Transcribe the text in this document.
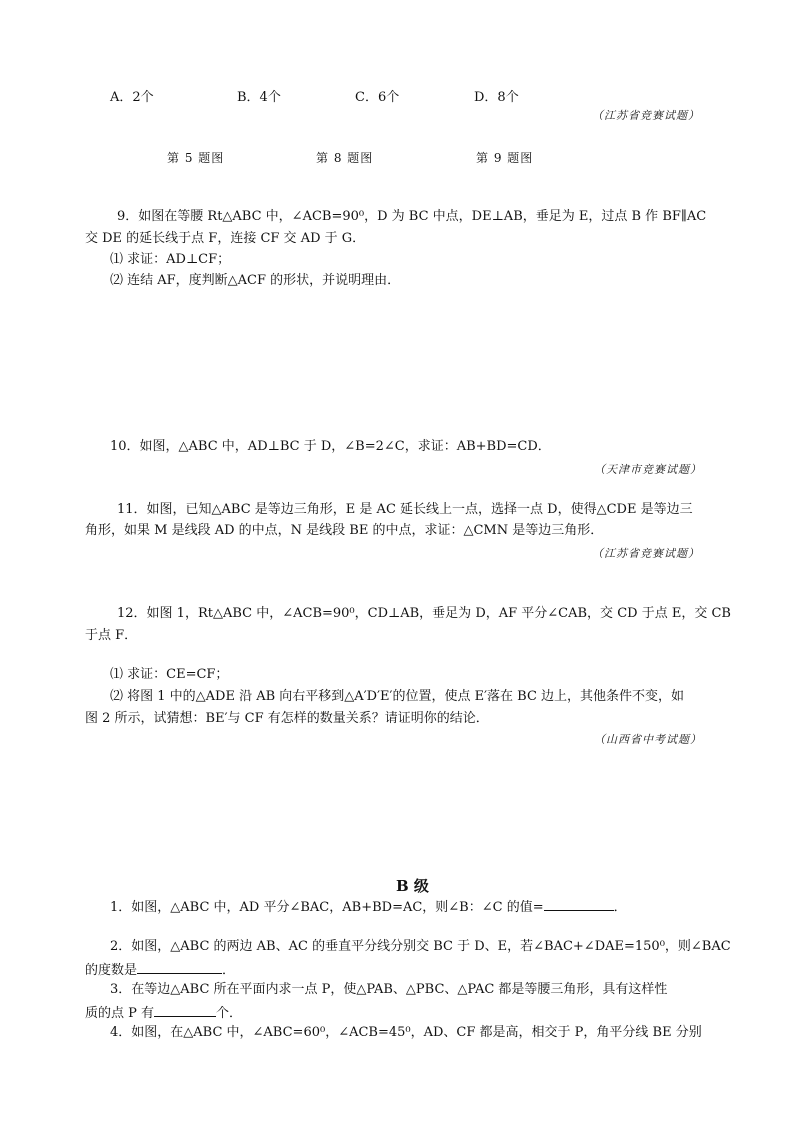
A．2个	B．4个	C．6个	D．8个
（江苏省竞赛试题）
第 5 题图	第 8 题图	第 9 题图
9．如图在等腰 Rt△ABC 中，∠ACB=90⁰，D 为 BC 中点，DE⊥AB，垂足为 E，过点 B 作 BF∥AC
交 DE 的延长线于点 F，连接 CF 交 AD 于 G．
⑴ 求证：AD⊥CF；
⑵ 连结 AF，度判断△ACF 的形状，并说明理由．
10．如图，△ABC 中，AD⊥BC 于 D，∠B=2∠C，求证：AB+BD=CD．
（天津市竞赛试题）
11．如图，已知△ABC 是等边三角形，E 是 AC 延长线上一点，选择一点 D，使得△CDE 是等边三
角形，如果 M 是线段 AD 的中点，N 是线段 BE 的中点，求证：△CMN 是等边三角形．
（江苏省竞赛试题）
12．如图 1，Rt△ABC 中，∠ACB=90⁰，CD⊥AB，垂足为 D，AF 平分∠CAB，交 CD 于点 E，交 CB
于点 F．
⑴ 求证：CE=CF；
⑵ 将图 1 中的△ADE 沿 AB 向右平移到△A′D′E′的位置，使点 E′落在 BC 边上，其他条件不变，如
图 2 所示，试猜想：BE′与 CF 有怎样的数量关系？请证明你的结论．
（山西省中考试题）
B 级
1．如图，△ABC 中，AD 平分∠BAC，AB+BD=AC，则∠B：∠C 的值=	．
2．如图，△ABC 的两边 AB、AC 的垂直平分线分别交 BC 于 D、E，若∠BAC+∠DAE=150⁰，则∠BAC
的度数是	．
3．在等边△ABC 所在平面内求一点 P，使△PAB、△PBC、△PAC 都是等腰三角形，具有这样性
质的点 P 有	个．
4．如图，在△ABC 中，∠ABC=60⁰，∠ACB=45⁰，AD、CF 都是高，相交于 P，角平分线 BE 分别
